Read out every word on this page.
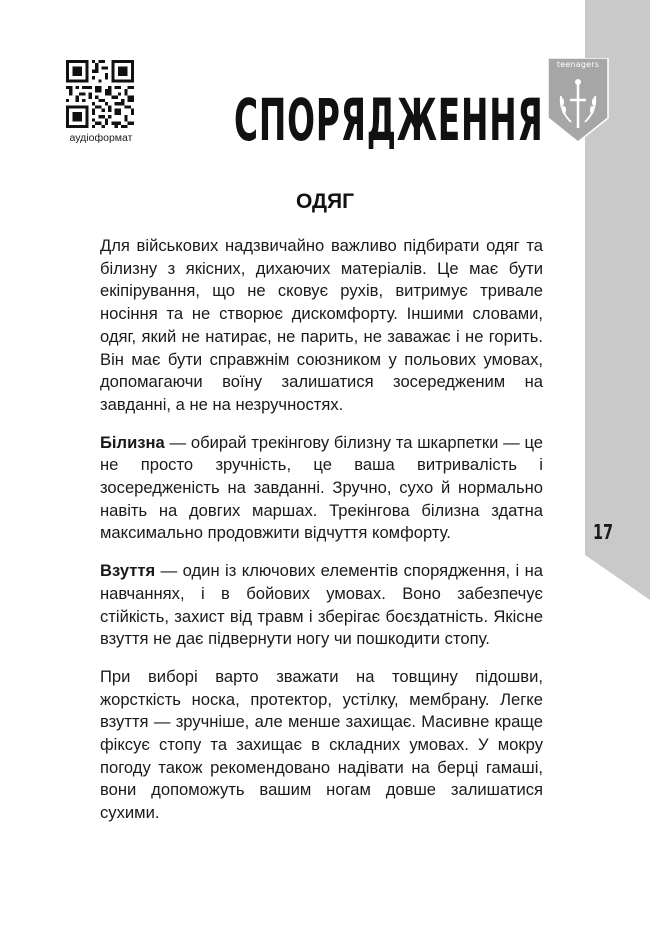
teenagers
17
аудіоформат	СПОРЯДЖЕННЯ
ОДЯГ

Для військових надзвичайно важливо підбирати одяг та білизну з якісних, дихаючих матеріалів. Це має бути екіпірування, що не сковує рухів, витримує тривале носіння та не створює дискомфорту. Іншими словами, одяг, який не натирає, не парить, не заважає і не горить. Він має бути справжнім союзником у польових умовах, допомагаючи воїну залишатися зосередженим на завданні, а не на незручностях.

Білизна — обирай трекінгову білизну та шкарпетки — це не просто зручність, це ваша витривалість і зосередженість на завданні. Зручно, сухо й нормально навіть на довгих маршах. Трекінгова білизна здатна максимально продовжити відчуття комфорту.

Взуття — один із ключових елементів спорядження, і на навчаннях, і в бойових умовах. Воно забезпечує стійкість, захист від травм і зберігає боєздатність. Якісне взуття не дає підвернути ногу чи пошкодити стопу.

При виборі варто зважати на товщину підошви, жорсткість носка, протектор, устілку, мембрану. Легке взуття — зручніше, але менше захищає. Масивне краще фіксує стопу та захищає в складних умовах. У мокру погоду також рекомендовано надівати на берці гамаші, вони допоможуть вашим ногам довше залишатися сухими.
